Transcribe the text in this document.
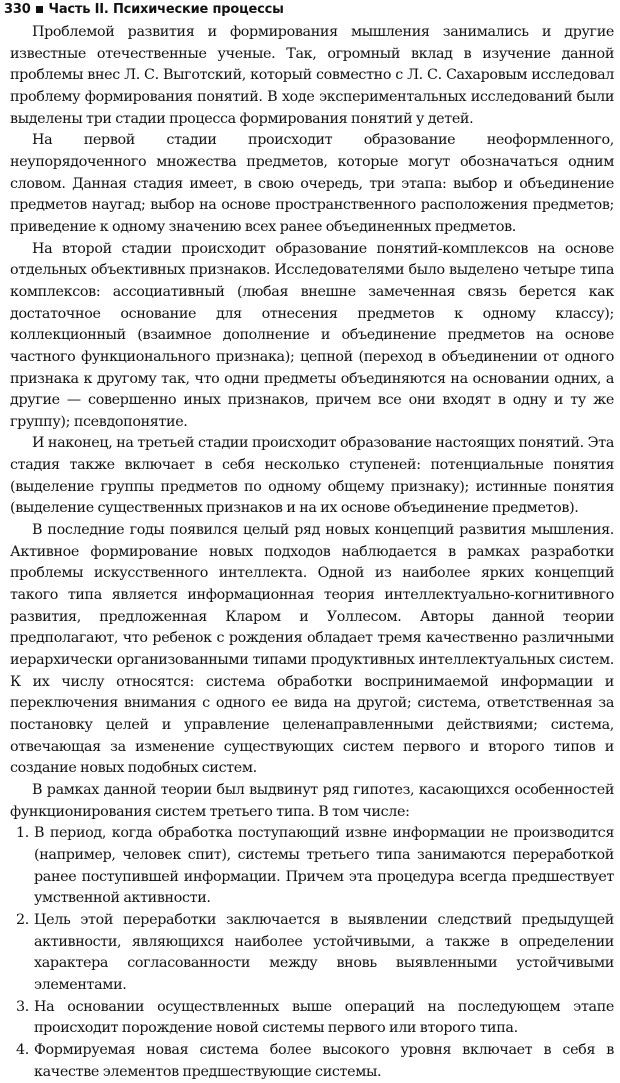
330 Часть II. Психические процессы

Проблемой развития и формирования мышления занимались и другие известные отечественные ученые. Так, огромный вклад в изучение данной проблемы внес Л. С. Выготский, который совместно с Л. С. Сахаровым исследовал проблему формирования понятий. В ходе экспериментальных исследований были выделены три стадии процесса формирования понятий у детей.

На первой стадии происходит образование неоформленного, неупорядоченного множества предметов, которые могут обозначаться одним словом. Данная стадия имеет, в свою очередь, три этапа: выбор и объединение предметов наугад; выбор на основе пространственного расположения предметов; приведение к одному значению всех ранее объединенных предметов.

На второй стадии происходит образование понятий-комплексов на основе отдельных объективных признаков. Исследователями было выделено четыре типа комплексов: ассоциативный (любая внешне замеченная связь берется как достаточное основание для отнесения предметов к одному классу); коллекционный (взаимное дополнение и объединение предметов на основе частного функционального признака); цепной (переход в объединении от одного признака к другому так, что одни предметы объединяются на основании одних, а другие — совершенно иных признаков, причем все они входят в одну и ту же группу); псевдопонятие.

И наконец, на третьей стадии происходит образование настоящих понятий. Эта стадия также включает в себя несколько ступеней: потенциальные понятия (выделение группы предметов по одному общему признаку); истинные понятия (выделение существенных признаков и на их основе объединение предметов).

В последние годы появился целый ряд новых концепций развития мышления. Активное формирование новых подходов наблюдается в рамках разработки проблемы искусственного интеллекта. Одной из наиболее ярких концепций такого типа является информационная теория интеллектуально-когнитивного развития, предложенная Кларом и Уоллесом. Авторы данной теории предполагают, что ребенок с рождения обладает тремя качественно различными иерархически организованными типами продуктивных интеллектуальных систем. К их числу относятся: система обработки воспринимаемой информации и переключения внимания с одного ее вида на другой; система, ответственная за постановку целей и управление целенаправленными действиями; система, отвечающая за изменение существующих систем первого и второго типов и создание новых подобных систем.

В рамках данной теории был выдвинут ряд гипотез, касающихся особенностей функционирования систем третьего типа. В том числе:

1. В период, когда обработка поступающий извне информации не производится (например, человек спит), системы третьего типа занимаются переработкой ранее поступившей информации. Причем эта процедура всегда предшествует умственной активности.
2. Цель этой переработки заключается в выявлении следствий предыдущей активности, являющихся наиболее устойчивыми, а также в определении характера согласованности между вновь выявленными устойчивыми элементами.
3. На основании осуществленных выше операций на последующем этапе происходит порождение новой системы первого или второго типа.
4. Формируемая новая система более высокого уровня включает в себя в качестве элементов предшествующие системы.
